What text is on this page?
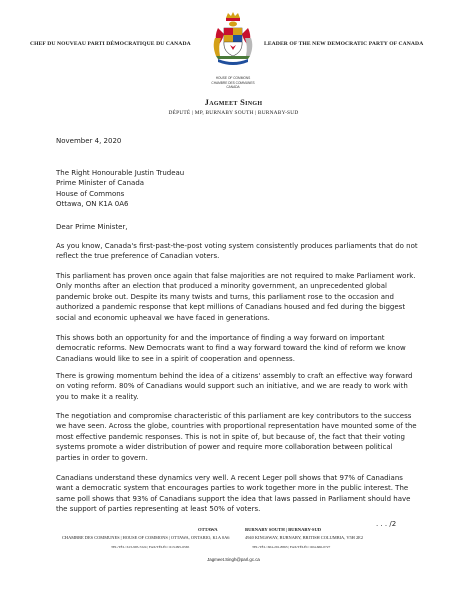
CHEF DU NOUVEAU PARTI DÉMOCRATIQUE DU CANADA	LEADER OF THE NEW DEMOCRATIC PARTY OF CANADA
HOUSE OF COMMONS
CHAMBRE DES COMMUNES
CANADA
Jagmeet Singh
DÉPUTÉ | MP, BURNABY SOUTH | BURNABY-SUD

November 4, 2020

The Right Honourable Justin Trudeau
Prime Minister of Canada
House of Commons
Ottawa, ON K1A 0A6

Dear Prime Minister,

As you know, Canada's first-past-the-post voting system consistently produces parliaments that do not reflect the true preference of Canadian voters.

This parliament has proven once again that false majorities are not required to make Parliament work. Only months after an election that produced a minority government, an unprecedented global pandemic broke out. Despite its many twists and turns, this parliament rose to the occasion and authorized a pandemic response that kept millions of Canadians housed and fed during the biggest social and economic upheaval we have faced in generations.

This shows both an opportunity for and the importance of finding a way forward on important democratic reforms. New Democrats want to find a way forward toward the kind of reform we know Canadians would like to see in a spirit of cooperation and openness.

There is growing momentum behind the idea of a citizens' assembly to craft an effective way forward on voting reform. 80% of Canadians would support such an initiative, and we are ready to work with you to make it a reality.

The negotiation and compromise characteristic of this parliament are key contributors to the success we have seen. Across the globe, countries with proportional representation have mounted some of the most effective pandemic responses. This is not in spite of, but because of, the fact that their voting systems promote a wider distribution of power and require more collaboration between political parties in order to govern.

Canadians understand these dynamics very well. A recent Leger poll shows that 97% of Canadians want a democratic system that encourages parties to work together more in the public interest. The same poll shows that 93% of Canadians support the idea that laws passed in Parliament should have the support of parties representing at least 50% of voters.

. . . /2
OTTAWA	BURNABY SOUTH | BURNABY-SUD
CHAMBRE DES COMMUNES | HOUSE OF COMMONS | OTTAWA, ONTARIO, K1A 0A6	4940 KINGSWAY, BURNABY, BRITISH COLUMBIA, V5H 2E2
TEL/TÉL: 613-995-7224 | FAX/TÉLÉC: 613-995-6565	TEL/TÉL: 604-291-8863 | FAX/TÉLÉC: 604-666-0727
Jagmeet.Singh@parl.gc.ca
